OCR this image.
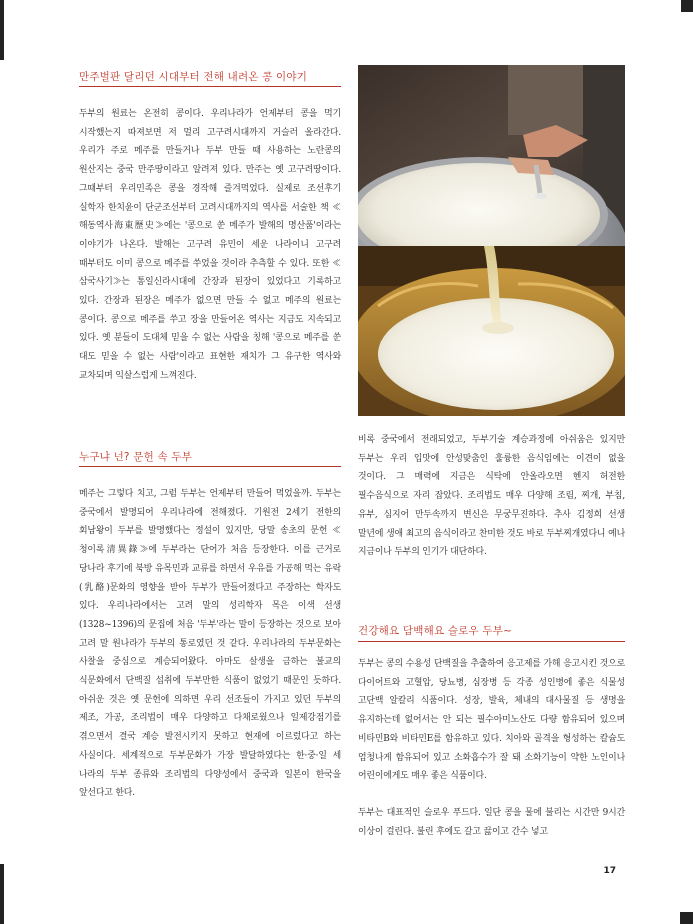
만주벌판 달리던 시대부터 전해 내려온 콩 이야기

두부의 원료는 온전히 콩이다. 우리나라가 언제부터 콩을 먹기 시작했는지 따져보면 저 멀리 고구려시대까지 거슬러 올라간다. 우리가 주로 메주를 만들거나 두부 만들 때 사용하는 노란콩의 원산지는 중국 만주땅이라고 알려져 있다. 만주는 옛 고구려땅이다. 그때부터 우리민족은 콩을 경작해 즐겨먹었다. 실제로 조선후기 실학자 한치윤이 단군조선부터 고려시대까지의 역사를 서술한 책 ≪해동역사海東歷史≫에는 '콩으로 쑨 메주가 발해의 명산품'이라는 이야기가 나온다. 발해는 고구려 유민이 세운 나라이니 고구려 때부터도 이미 콩으로 메주를 쑤었을 것이라 추측할 수 있다. 또한 ≪삼국사기≫는 통일신라시대에 간장과 된장이 있었다고 기록하고 있다. 간장과 된장은 메주가 없으면 만들 수 없고 메주의 원료는 콩이다. 콩으로 메주를 쑤고 장을 만들어온 역사는 지금도 지속되고 있다. 옛 분들이 도대체 믿을 수 없는 사람을 칭해 '콩으로 메주를 쑨 대도 믿을 수 없는 사람'이라고 표현한 재치가 그 유구한 역사와 교차되며 익살스럽게 느껴진다.

누구냐 넌? 문헌 속 두부

메주는 그렇다 치고, 그럼 두부는 언제부터 만들어 먹었을까. 두부는 중국에서 발명되어 우리나라에 전해졌다. 기원전 2세기 전한의 회남왕이 두부를 발명했다는 정설이 있지만, 당말 송초의 문헌 ≪청이록淸異錄≫에 두부라는 단어가 처음 등장한다. 이를 근거로 당나라 후기에 북방 유목민과 교류를 하면서 우유를 가공해 먹는 유락(乳酪)문화의 영향을 받아 두부가 만들어졌다고 주장하는 학자도 있다. 우리나라에서는 고려 말의 성리학자 목은 이색 선생(1328~1396)의 문집에 처음 '두부'라는 말이 등장하는 것으로 보아 고려 말 원나라가 두부의 통로였던 것 같다. 우리나라의 두부문화는 사찰을 중심으로 계승되어왔다. 아마도 살생을 금하는 불교의 식문화에서 단백질 섭취에 두부만한 식품이 없었기 때문인 듯하다. 아쉬운 것은 옛 문헌에 의하면 우리 선조들이 가지고 있던 두부의 제조, 가공, 조리법이 매우 다양하고 다채로웠으나 일제강점기를 겪으면서 결국 계승 발전시키지 못하고 현재에 이르렀다고 하는 사실이다. 세계적으로 두부문화가 가장 발달하였다는 한·중·일 세 나라의 두부 종류와 조리법의 다양성에서 중국과 일본이 한국을 앞선다고 한다.

비록 중국에서 전래되었고, 두부기술 계승과정에 아쉬움은 있지만 두부는 우리 입맛에 안성맞춤인 훌륭한 음식임에는 이견이 없을 것이다. 그 매력에 지금은 식탁에 안올라오면 헨지 허전한 필수음식으로 자리 잡았다. 조리법도 매우 다양해 조림, 찌개, 부침, 유부, 심지어 만두속까지 변신은 무궁무진하다. 추사 김정희 선생 말년에 생애 최고의 음식이라고 찬미한 것도 바로 두부찌개였다니 예나 지금이나 두부의 인기가 대단하다.

건강해요 담백해요 슬로우 두부~

두부는 콩의 수용성 단백질을 추출하여 응고제를 가해 응고시킨 것으로 다이어트와 고혈압, 당뇨병, 심장병 등 각종 성인병에 좋은 식물성 고단백 알칼리 식품이다. 성장, 발육, 체내의 대사물질 등 생명을 유지하는데 없어서는 안 되는 필수아미노산도 다량 함유되어 있으며 비타민B와 비타민E를 함유하고 있다. 치아와 골격을 형성하는 칼슘도 엄청나게 함유되어 있고 소화흡수가 잘 돼 소화기능이 약한 노인이나 어린이에게도 매우 좋은 식품이다.

두부는 대표적인 슬로우 푸드다. 일단 콩을 물에 불리는 시간만 9시간 이상이 걸린다. 불린 후에도 갈고 끓이고 간수 넣고

17
